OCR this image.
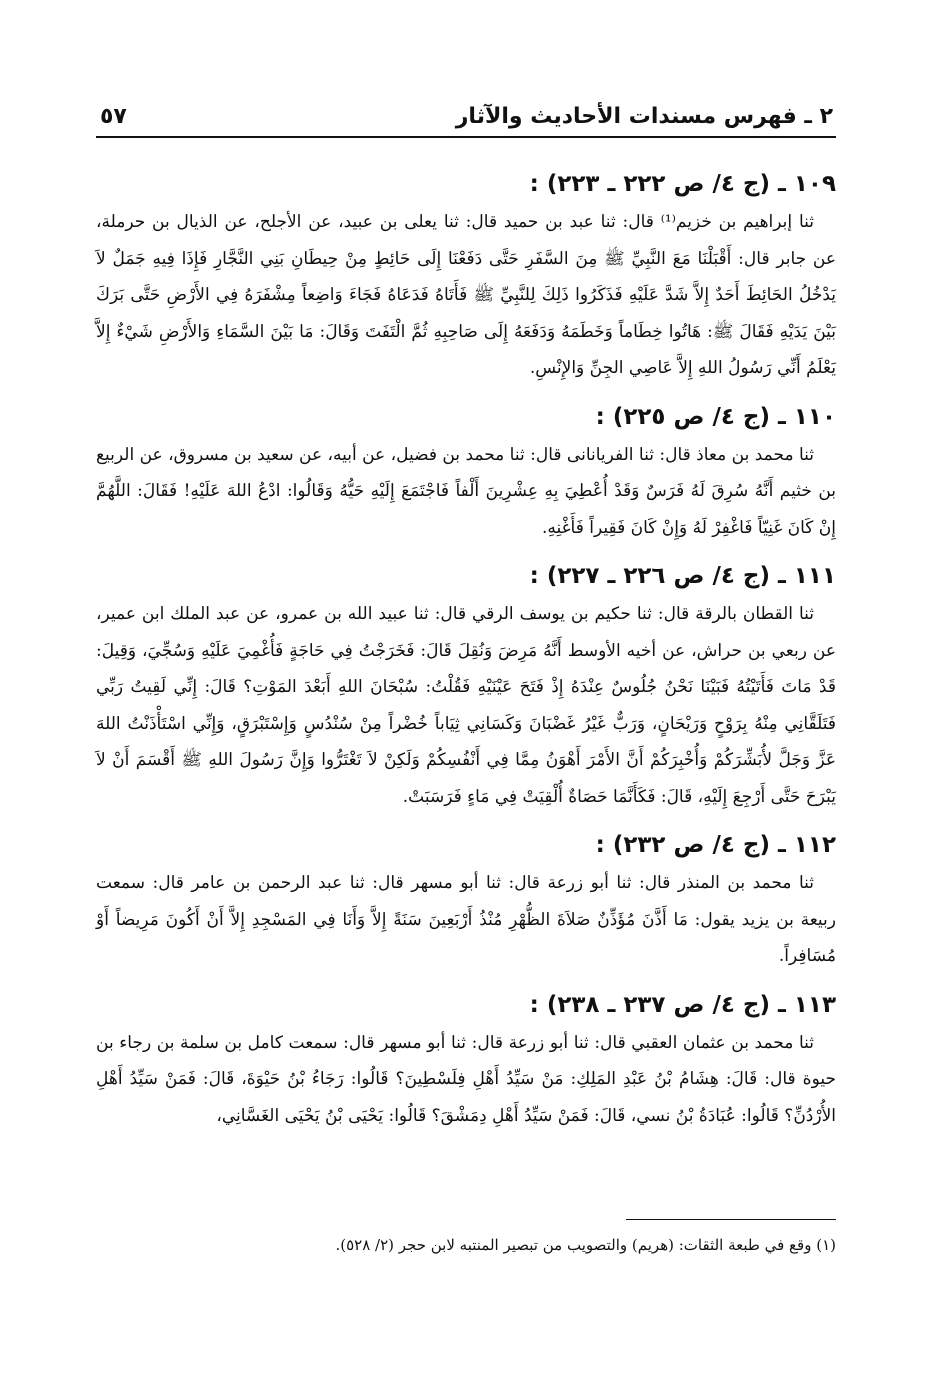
٢ ـ فهرس مسندات الأحاديث والآثار
٥٧

١٠٩ ـ (ج ٤/ ص ٢٢٢ ـ ٢٢٣) :

ثنا إبراهيم بن خزيم⁽¹⁾ قال: ثنا عبد بن حميد قال: ثنا يعلى بن عبيد، عن الأجلح، عن الذيال بن حرملة، عن جابر قال: أَقْبَلْنَا مَعَ النَّبِيِّ ﷺ مِنَ السَّفَرِ حَتَّى دَفَعْنَا إِلَى حَائِطٍ مِنْ حِيطَانِ بَنِي النَّجَّارِ فَإِذَا فِيهِ جَمَلٌ لاَ يَدْخُلُ الحَائِطَ أَحَدٌ إِلاَّ شَدَّ عَلَيْهِ فَذَكَرُوا ذَلِكَ لِلنَّبِيِّ ﷺ فَأَتَاهُ فَدَعَاهُ فَجَاءَ وَاضِعاً مِشْفَرَهُ فِي الأَرْضِ حَتَّى بَرَكَ بَيْنَ يَدَيْهِ فَقَالَ ﷺ: هَاتُوا خِطَاماً وَخَطَمَهُ وَدَفَعَهُ إِلَى صَاحِبِهِ ثُمَّ الْتَفَتَ وَقَالَ: مَا بَيْنَ السَّمَاءِ وَالأَرْضِ شَيْءٌ إِلاَّ يَعْلَمُ أَنِّي رَسُولُ اللهِ إِلاَّ عَاصِي الجِنِّ وَالإِنْسِ.

١١٠ ـ (ج ٤/ ص ٢٢٥) :

ثنا محمد بن معاذ قال: ثنا الفريانانى قال: ثنا محمد بن فضيل، عن أبيه، عن سعيد بن مسروق، عن الربيع بن خثيم أَنَّهُ سُرِقَ لَهُ فَرَسٌ وَقَدْ أُعْطِيَ بِهِ عِشْرِينَ أَلْفاً فَاجْتَمَعَ إِلَيْهِ حَيُّهُ وَقَالُوا: ادْعُ اللهَ عَلَيْهِ! فَقَالَ: اللَّهُمَّ إِنْ كَانَ غَنِيّاً فَاغْفِرْ لَهُ وَإِنْ كَانَ فَقِيراً فَأَغْنِهِ.

١١١ ـ (ج ٤/ ص ٢٢٦ ـ ٢٢٧) :

ثنا القطان بالرقة قال: ثنا حكيم بن يوسف الرقي قال: ثنا عبيد الله بن عمرو، عن عبد الملك ابن عمير، عن ربعي بن حراش، عن أخيه الأوسط أَنَّهُ مَرِضَ وَنُقِلَ قَالَ: فَخَرَجْتُ فِي حَاجَةٍ فَأُغْمِيَ عَلَيْهِ وَسُجِّيَ، وَقِيلَ: قَدْ مَاتَ فَأَتَيْتُهُ فَبَيْنَا نَحْنُ جُلُوسٌ عِنْدَهُ إِذْ فَتَحَ عَيْنَيْهِ فَقُلْتُ: سُبْحَانَ اللهِ أَبَعْدَ المَوْتِ؟ قَالَ: إِنِّي لَقِيتُ رَبِّي فَتَلَقَّانِي مِنْهُ بِرَوْحٍ وَرَيْحَانٍ، وَرَبٌّ غَيْرُ غَضْبَانَ وَكَسَانِي ثِيَاباً خُضْراً مِنْ سُنْدُسٍ وَإِسْتَبْرَقٍ، وَإِنِّي اسْتَأْذَنْتُ اللهَ عَزَّ وَجَلَّ لأُبَشِّرَكُمْ وَأُخْبِرَكُمْ أَنَّ الأَمْرَ أَهْوَنُ مِمَّا فِي أَنْفُسِكُمْ وَلَكِنْ لاَ تَغْتَرُّوا وَإِنَّ رَسُولَ اللهِ ﷺ أَقْسَمَ أَنْ لاَ يَبْرَحَ حَتَّى أَرْجِعَ إِلَيْهِ، قَالَ: فَكَأَنَّمَا حَصَاةٌ أُلْقِيَتْ فِي مَاءٍ فَرَسَبَتْ.

١١٢ ـ (ج ٤/ ص ٢٣٢) :

ثنا محمد بن المنذر قال: ثنا أبو زرعة قال: ثنا أبو مسهر قال: ثنا عبد الرحمن بن عامر قال: سمعت ربيعة بن يزيد يقول: مَا أَذَّنَ مُؤَذِّنٌ صَلاَةَ الظُّهْرِ مُنْذُ أَرْبَعِينَ سَنَةً إِلاَّ وَأَنَا فِي المَسْجِدِ إِلاَّ أَنْ أَكُونَ مَرِيضاً أَوْ مُسَافِراً.

١١٣ ـ (ج ٤/ ص ٢٣٧ ـ ٢٣٨) :

ثنا محمد بن عثمان العقبي قال: ثنا أبو زرعة قال: ثنا أبو مسهر قال: سمعت كامل بن سلمة بن رجاء بن حيوة قال: قَالَ: هِشَامُ بْنُ عَبْدِ المَلِكِ: مَنْ سَيِّدُ أَهْلِ فِلَسْطِينَ؟ قَالُوا: رَجَاءُ بْنُ حَيْوَةَ، قَالَ: فَمَنْ سَيِّدُ أَهْلِ الأُرْدُنِّ؟ قَالُوا: عُبَادَةُ بْنُ نسي، قَالَ: فَمَنْ سَيِّدُ أَهْلِ دِمَشْقَ؟ قَالُوا: يَحْيَى بْنُ يَحْيَى الغَسَّانِي،

(١) وقع في طبعة الثقات: (هريم) والتصويب من تبصير المنتبه لابن حجر (٢/ ٥٢٨).
